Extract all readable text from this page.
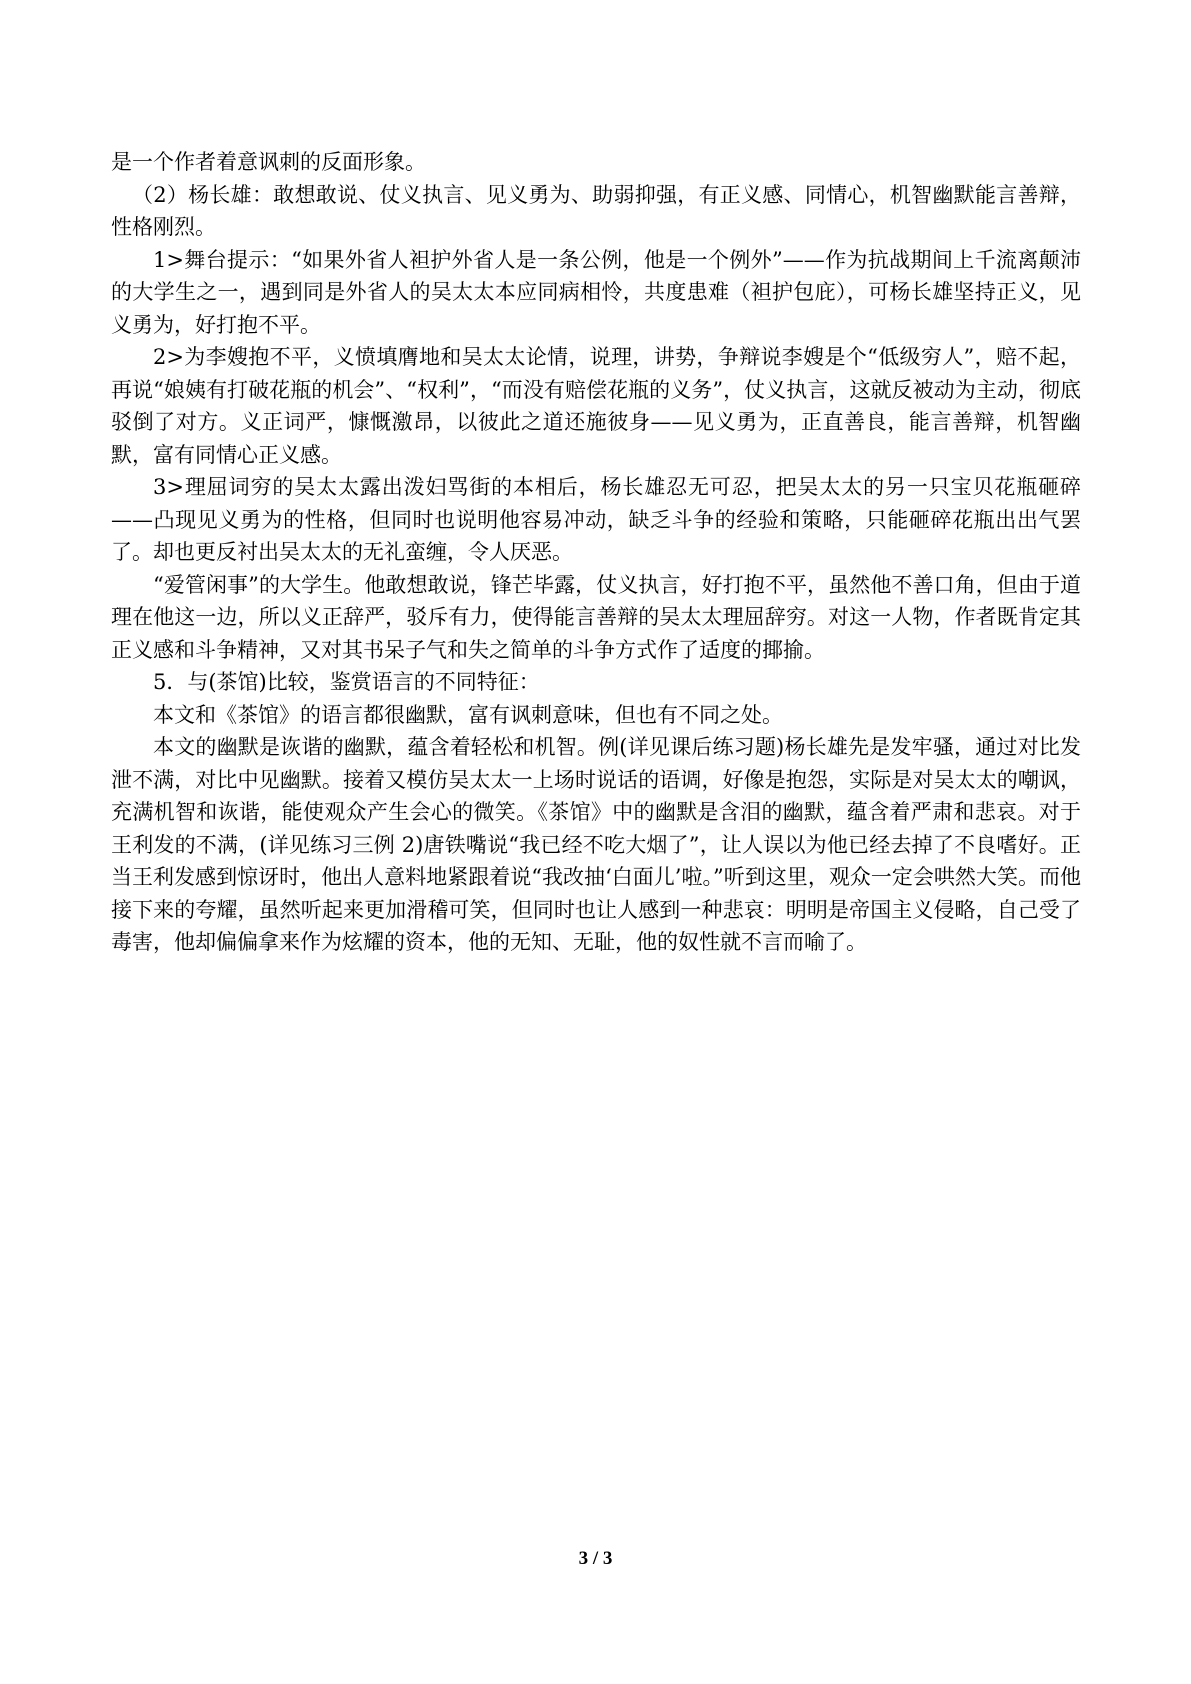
是一个作者着意讽刺的反面形象。

（2）杨长雄：敢想敢说、仗义执言、见义勇为、助弱抑强，有正义感、同情心，机智幽默能言善辩，性格刚烈。

1>舞台提示：“如果外省人袒护外省人是一条公例，他是一个例外”——作为抗战期间上千流离颠沛的大学生之一，遇到同是外省人的吴太太本应同病相怜，共度患难（袒护包庇），可杨长雄坚持正义，见义勇为，好打抱不平。

2>为李嫂抱不平，义愤填膺地和吴太太论情，说理，讲势，争辩说李嫂是个“低级穷人”，赔不起，再说“娘姨有打破花瓶的机会”、“权利”，“而没有赔偿花瓶的义务”，仗义执言，这就反被动为主动，彻底驳倒了对方。义正词严，慷慨激昂，以彼此之道还施彼身——见义勇为，正直善良，能言善辩，机智幽默，富有同情心正义感。

3>理屈词穷的吴太太露出泼妇骂街的本相后，杨长雄忍无可忍，把吴太太的另一只宝贝花瓶砸碎——凸现见义勇为的性格，但同时也说明他容易冲动，缺乏斗争的经验和策略，只能砸碎花瓶出出气罢了。却也更反衬出吴太太的无礼蛮缠，令人厌恶。

“爱管闲事”的大学生。他敢想敢说，锋芒毕露，仗义执言，好打抱不平，虽然他不善口角，但由于道理在他这一边，所以义正辞严，驳斥有力，使得能言善辩的吴太太理屈辞穷。对这一人物，作者既肯定其正义感和斗争精神，又对其书呆子气和失之简单的斗争方式作了适度的揶揄。

5．与(茶馆)比较，鉴赏语言的不同特征：

本文和《茶馆》的语言都很幽默，富有讽刺意味，但也有不同之处。

本文的幽默是诙谐的幽默，蕴含着轻松和机智。例(详见课后练习题)杨长雄先是发牢骚，通过对比发泄不满，对比中见幽默。接着又模仿吴太太一上场时说话的语调，好像是抱怨，实际是对吴太太的嘲讽，充满机智和诙谐，能使观众产生会心的微笑。《茶馆》中的幽默是含泪的幽默，蕴含着严肃和悲哀。对于王利发的不满，(详见练习三例 2)唐铁嘴说“我已经不吃大烟了”，让人误以为他已经去掉了不良嗜好。正当王利发感到惊讶时，他出人意料地紧跟着说“我改抽‘白面儿’啦。”听到这里，观众一定会哄然大笑。而他接下来的夸耀，虽然听起来更加滑稽可笑，但同时也让人感到一种悲哀：明明是帝国主义侵略，自己受了毒害，他却偏偏拿来作为炫耀的资本，他的无知、无耻，他的奴性就不言而喻了。

3 / 3
